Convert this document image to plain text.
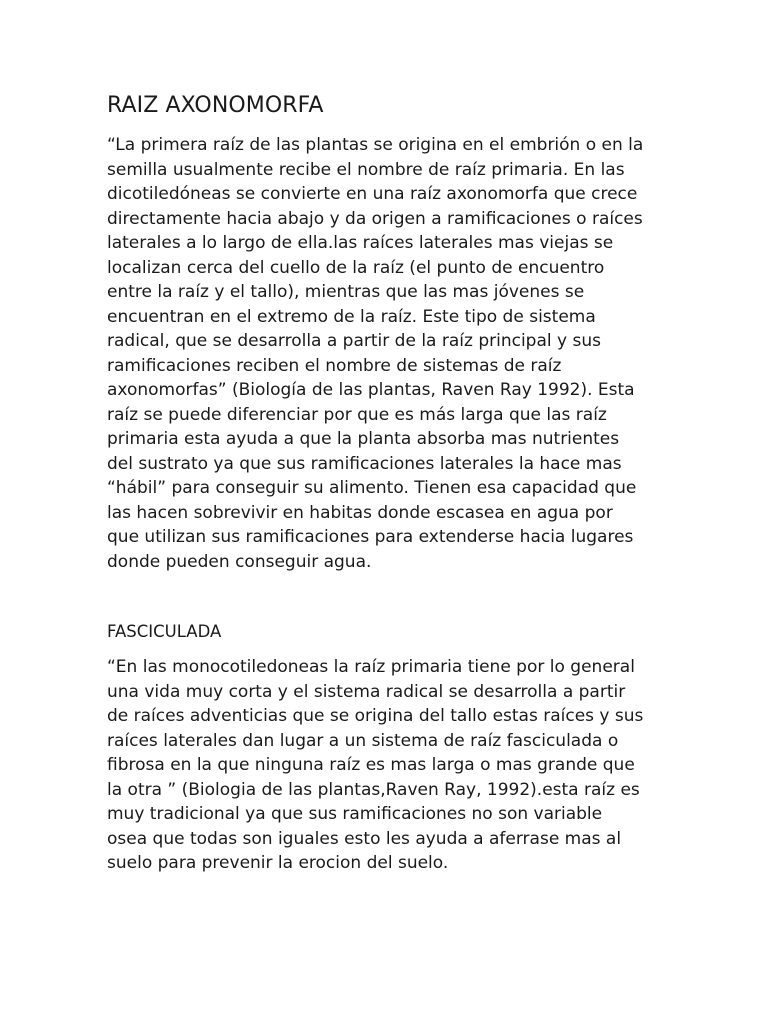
RAIZ AXONOMORFA
“La primera raíz de las plantas se origina en el embrión o en la
semilla usualmente recibe el nombre de raíz primaria. En las
dicotiledóneas se convierte en una raíz axonomorfa que crece
directamente hacia abajo y da origen a ramificaciones o raíces
laterales a lo largo de ella.las raíces laterales mas viejas se
localizan cerca del cuello de la raíz (el punto de encuentro
entre la raíz y el tallo), mientras que las mas jóvenes se
encuentran en el extremo de la raíz. Este tipo de sistema
radical, que se desarrolla a partir de la raíz principal y sus
ramificaciones reciben el nombre de sistemas de raíz
axonomorfas” (Biología de las plantas, Raven Ray 1992). Esta
raíz se puede diferenciar por que es más larga que las raíz
primaria esta ayuda a que la planta absorba mas nutrientes
del sustrato ya que sus ramificaciones laterales la hace mas
“hábil” para conseguir su alimento. Tienen esa capacidad que
las hacen sobrevivir en habitas donde escasea en agua por
que utilizan sus ramificaciones para extenderse hacia lugares
donde pueden conseguir agua.
FASCICULADA
“En las monocotiledoneas la raíz primaria tiene por lo general
una vida muy corta y el sistema radical se desarrolla a partir
de raíces adventicias que se origina del tallo estas raíces y sus
raíces laterales dan lugar a un sistema de raíz fasciculada o
fibrosa en la que ninguna raíz es mas larga o mas grande que
la otra ” (Biologia de las plantas,Raven Ray, 1992).esta raíz es
muy tradicional ya que sus ramificaciones no son variable
osea que todas son iguales esto les ayuda a aferrase mas al
suelo para prevenir la erocion del suelo.
